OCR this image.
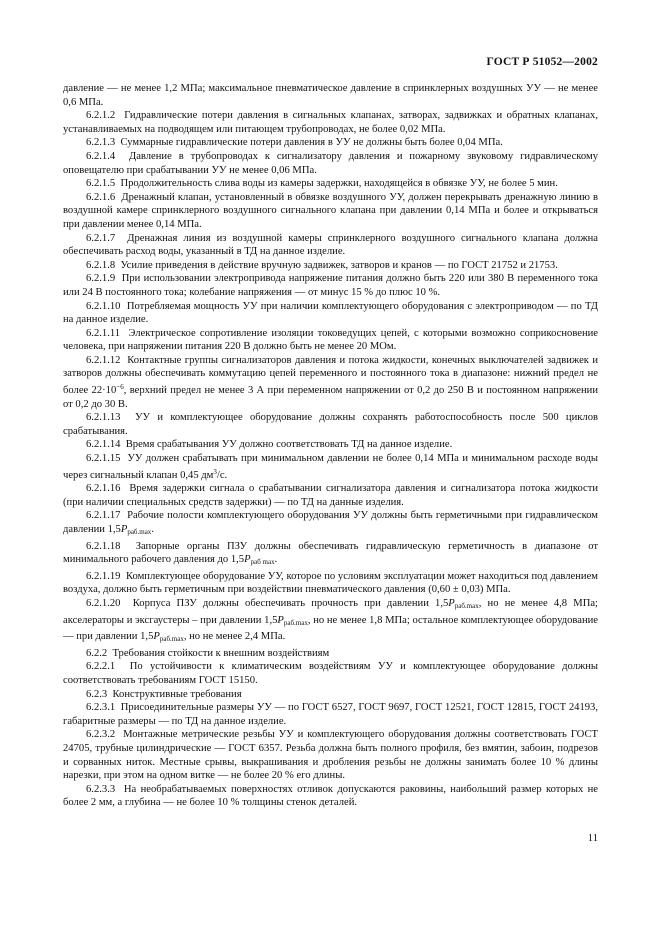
ГОСТ Р 51052—2002

давление — не менее 1,2 МПа; максимальное пневматическое давление в спринклерных воздушных УУ — не менее 0,6 МПа.

6.2.1.2 Гидравлические потери давления в сигнальных клапанах, затворах, задвижках и обратных клапанах, устанавливаемых на подводящем или питающем трубопроводах, не более 0,02 МПа.

6.2.1.3 Суммарные гидравлические потери давления в УУ не должны быть более 0,04 МПа.

6.2.1.4 Давление в трубопроводах к сигнализатору давления и пожарному звуковому гидравлическому оповещателю при срабатывании УУ не менее 0,06 МПа.

6.2.1.5 Продолжительность слива воды из камеры задержки, находящейся в обвязке УУ, не более 5 мин.

6.2.1.6 Дренажный клапан, установленный в обвязке воздушного УУ, должен перекрывать дренажную линию в воздушной камере спринклерного воздушного сигнального клапана при давлении 0,14 МПа и более и открываться при давлении менее 0,14 МПа.

6.2.1.7 Дренажная линия из воздушной камеры спринклерного воздушного сигнального клапана должна обеспечивать расход воды, указанный в ТД на данное изделие.

6.2.1.8 Усилие приведения в действие вручную задвижек, затворов и кранов — по ГОСТ 21752 и 21753.

6.2.1.9 При использовании электропривода напряжение питания должно быть 220 или 380 В переменного тока или 24 В постоянного тока; колебание напряжения — от минус 15 % до плюс 10 %.

6.2.1.10 Потребляемая мощность УУ при наличии комплектующего оборудования с электроприводом — по ТД на данное изделие.

6.2.1.11 Электрическое сопротивление изоляции токоведущих цепей, с которыми возможно соприкосновение человека, при напряжении питания 220 В должно быть не менее 20 МОм.

6.2.1.12 Контактные группы сигнализаторов давления и потока жидкости, конечных выключателей задвижек и затворов должны обеспечивать коммутацию цепей переменного и постоянного тока в диапазоне: нижний предел не более $22\cdot 10^{-6}$, верхний предел не менее 3 А при переменном напряжении от 0,2 до 250 В и постоянном напряжении от 0,2 до 30 В.

6.2.1.13 УУ и комплектующее оборудование должны сохранять работоспособность после 500 циклов срабатывания.

6.2.1.14 Время срабатывания УУ должно соответствовать ТД на данное изделие.

6.2.1.15 УУ должен срабатывать при минимальном давлении не более 0,14 МПа и минимальном расходе воды через сигнальный клапан 0,45 $дм^3/с$.

6.2.1.16 Время задержки сигнала о срабатывании сигнализатора давления и сигнализатора потока жидкости (при наличии специальных средств задержки) — по ТД на данные изделия.

6.2.1.17 Рабочие полости комплектующего оборудования УУ должны быть герметичными при гидравлическом давлении $1,5P_{раб.max}$.

6.2.1.18 Запорные органы ПЗУ должны обеспечивать гидравлическую герметичность в диапазоне от минимального рабочего давления до $1,5P_{раб max}$.

6.2.1.19 Комплектующее оборудование УУ, которое по условиям эксплуатации может находиться под давлением воздуха, должно быть герметичным при воздействии пневматического давления (0,60 ± 0,03) МПа.

6.2.1.20 Корпуса ПЗУ должны обеспечивать прочность при давлении $1,5P_{раб.max}$, но не менее 4,8 МПа; акселераторы и эксгаустеры – при давлении $1,5P_{раб.max}$, но не менее 1,8 МПа; остальное комплектующее оборудование — при давлении $1,5P_{раб.max}$, но не менее 2,4 МПа.

6.2.2 Требования стойкости к внешним воздействиям

6.2.2.1 По устойчивости к климатическим воздействиям УУ и комплектующее оборудование должны соответствовать требованиям ГОСТ 15150.

6.2.3 Конструктивные требования

6.2.3.1 Присоединительные размеры УУ — по ГОСТ 6527, ГОСТ 9697, ГОСТ 12521, ГОСТ 12815, ГОСТ 24193, габаритные размеры — по ТД на данное изделие.

6.2.3.2 Монтажные метрические резьбы УУ и комплектующего оборудования должны соответствовать ГОСТ 24705, трубные цилиндрические — ГОСТ 6357. Резьба должна быть полного профиля, без вмятин, забоин, подрезов и сорванных ниток. Местные срывы, выкрашивания и дробления резьбы не должны занимать более 10 % длины нарезки, при этом на одном витке — не более 20 % его длины.

6.2.3.3 На необрабатываемых поверхностях отливок допускаются раковины, наибольший размер которых не более 2 мм, а глубина — не более 10 % толщины стенок деталей.

11
